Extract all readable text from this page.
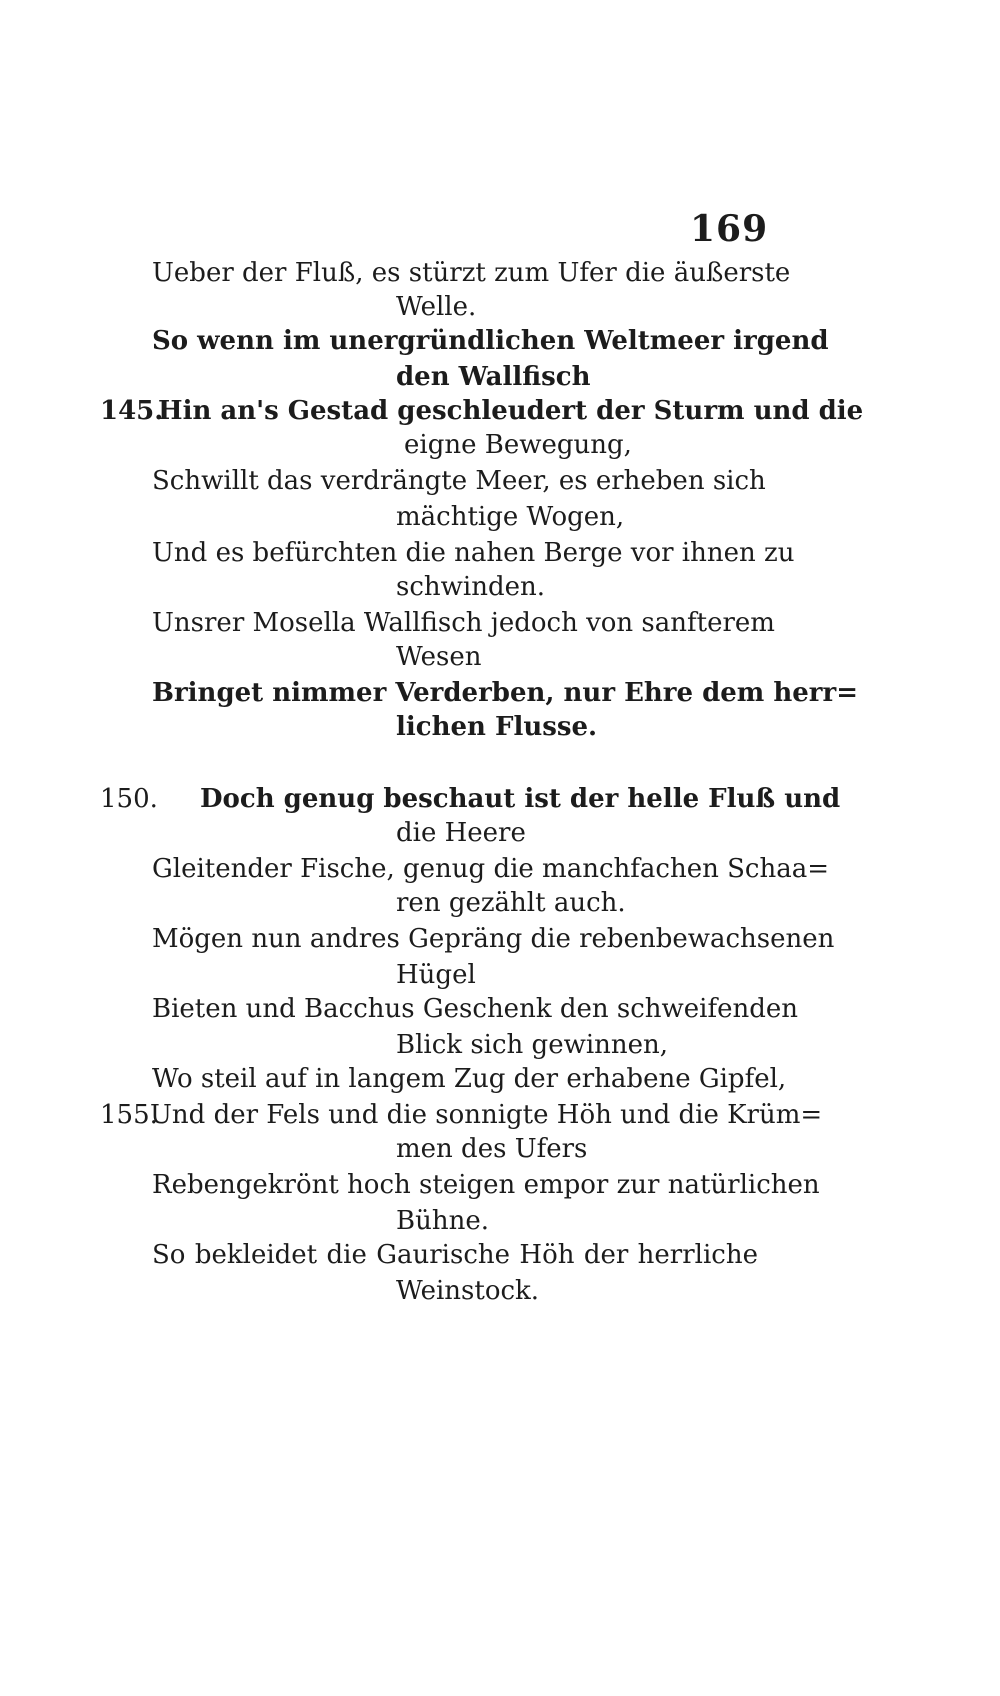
169
Ueber der Fluß, es stürzt zum Ufer die äußerste
Welle.
So wenn im unergründlichen Weltmeer irgend
den Wallfisch
145.
Hin an's Gestad geschleudert der Sturm und die
eigne Bewegung,
Schwillt das verdrängte Meer, es erheben sich
mächtige Wogen,
Und es befürchten die nahen Berge vor ihnen zu
schwinden.
Unsrer Mosella Wallfisch jedoch von sanfterem
Wesen
Bringet nimmer Verderben, nur Ehre dem herr=
lichen Flusse.
150. Doch genug beschaut ist der helle Fluß und
die Heere
Gleitender Fische, genug die manchfachen Schaa=
ren gezählt auch.
Mögen nun andres Gepräng die rebenbewachsenen
Hügel
Bieten und Bacchus Geschenk den schweifenden
Blick sich gewinnen,
Wo steil auf in langem Zug der erhabene Gipfel,
155.
Und der Fels und die sonnigte Höh und die Krüm=
men des Ufers
Rebengekrönt hoch steigen empor zur natürlichen
Bühne.
So bekleidet die Gaurische Höh der herrliche
Weinstock.
